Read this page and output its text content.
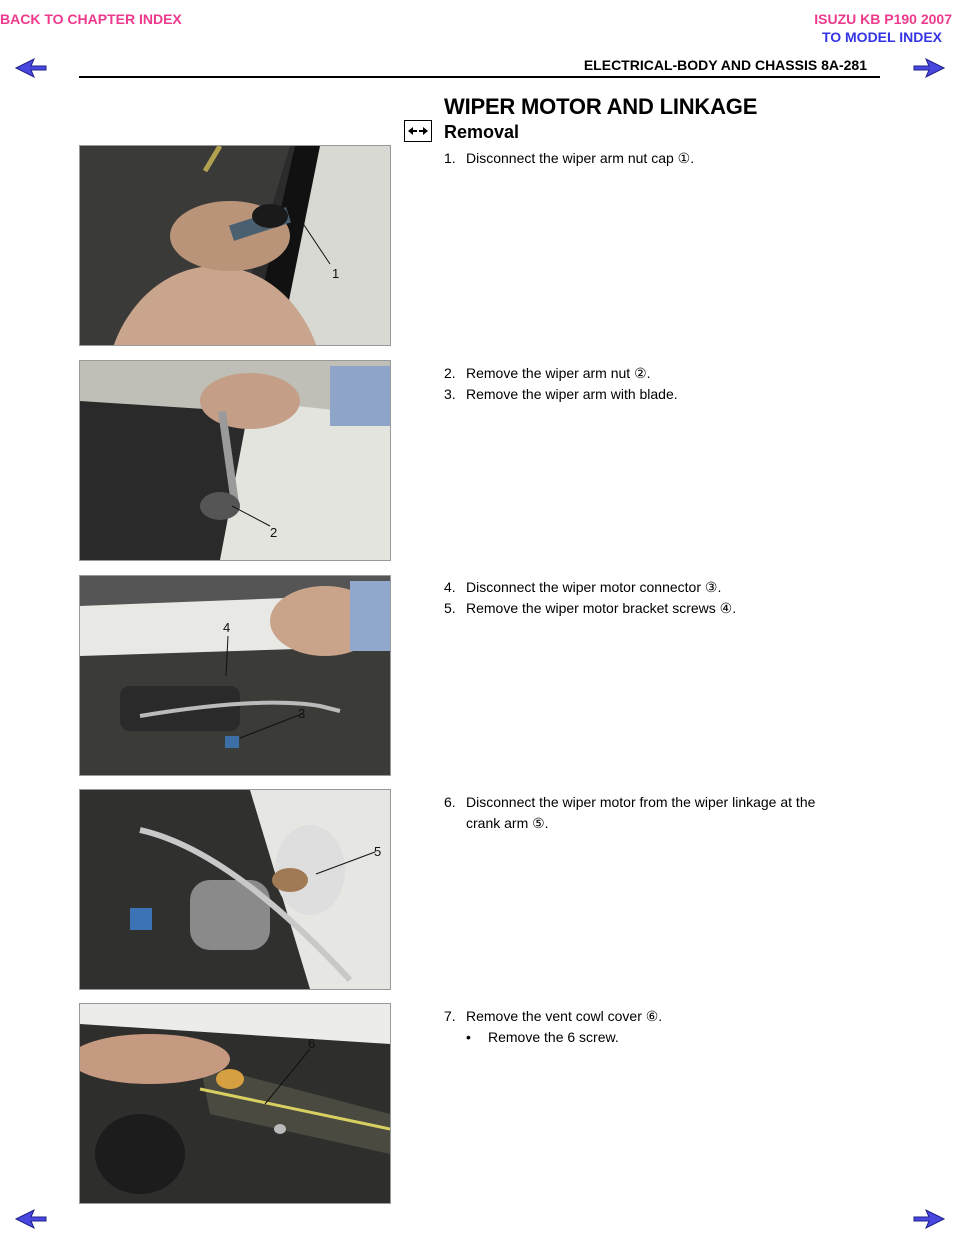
BACK TO CHAPTER INDEX	ISUZU KB P190 2007
TO MODEL INDEX
ELECTRICAL-BODY AND CHASSIS 8A-281
WIPER MOTOR AND LINKAGE
Removal
1
1. Disconnect the wiper arm nut cap ①.
2
2. Remove the wiper arm nut ②.
3. Remove the wiper arm with blade.
4
3
4. Disconnect the wiper motor connector ③.
5. Remove the wiper motor bracket screws ④.
5
6. Disconnect the wiper motor from the wiper linkage at the
crank arm ⑤.
6
7. Remove the vent cowl cover ⑥.
• Remove the 6 screw.
